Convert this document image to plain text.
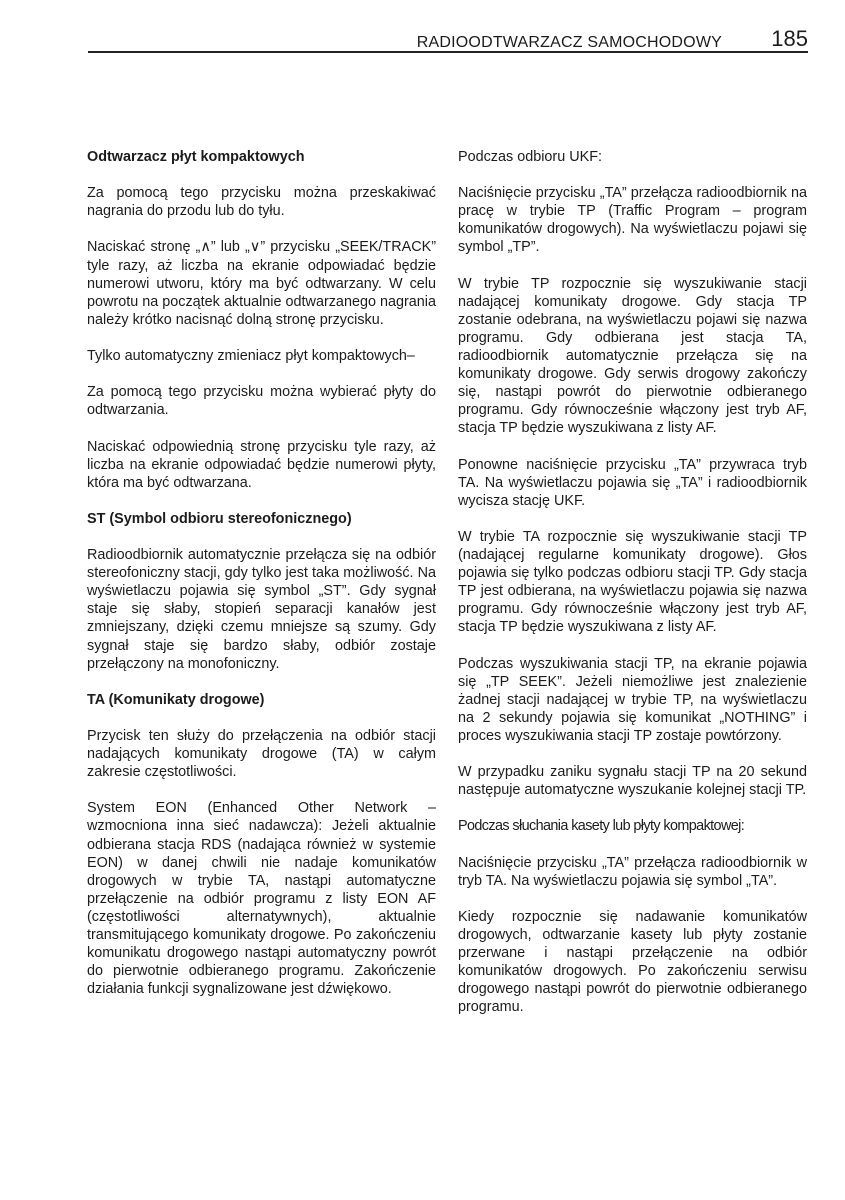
RADIOODTWARZACZ SAMOCHODOWY 185
Odtwarzacz płyt kompaktowych

Za pomocą tego przycisku można przeskakiwać nagrania do przodu lub do tyłu.

Naciskać stronę „∧” lub „∨” przycisku „SEEK/TRACK” tyle razy, aż liczba na ekranie odpowiadać będzie numerowi utworu, który ma być odtwarzany. W celu powrotu na początek aktualnie odtwarzanego nagrania należy krótko nacisnąć dolną stronę przycisku.

Tylko automatyczny zmieniacz płyt kompaktowych–

Za pomocą tego przycisku można wybierać płyty do odtwarzania.

Naciskać odpowiednią stronę przycisku tyle razy, aż liczba na ekranie odpowiadać będzie numerowi płyty, która ma być odtwarzana.

ST (Symbol odbioru stereofonicznego)

Radioodbiornik automatycznie przełącza się na odbiór stereofoniczny stacji, gdy tylko jest taka możliwość. Na wyświetlaczu pojawia się symbol „ST”. Gdy sygnał staje się słaby, stopień separacji kanałów jest zmniejszany, dzięki czemu mniejsze są szumy. Gdy sygnał staje się bardzo słaby, odbiór zostaje przełączony na monofoniczny.

TA (Komunikaty drogowe)

Przycisk ten służy do przełączenia na odbiór stacji nadających komunikaty drogowe (TA) w całym zakresie częstotliwości.

System EON (Enhanced Other Network – wzmocniona inna sieć nadawcza): Jeżeli aktualnie odbierana stacja RDS (nadająca również w systemie EON) w danej chwili nie nadaje komunikatów drogowych w trybie TA, nastąpi automatyczne przełączenie na odbiór programu z listy EON AF (częstotliwości alternatywnych), aktualnie transmitującego komunikaty drogowe. Po zakończeniu komunikatu drogowego nastąpi automatyczny powrót do pierwotnie odbieranego programu. Zakończenie działania funkcji sygnalizowane jest dźwiękowo.

Podczas odbioru UKF:

Naciśnięcie przycisku „TA” przełącza radioodbiornik na pracę w trybie TP (Traffic Program – program komunikatów drogowych). Na wyświetlaczu pojawi się symbol „TP”.

W trybie TP rozpocznie się wyszukiwanie stacji nadającej komunikaty drogowe. Gdy stacja TP zostanie odebrana, na wyświetlaczu pojawi się nazwa programu. Gdy odbierana jest stacja TA, radioodbiornik automatycznie przełącza się na komunikaty drogowe. Gdy serwis drogowy zakończy się, nastąpi powrót do pierwotnie odbieranego programu. Gdy równocześnie włączony jest tryb AF, stacja TP będzie wyszukiwana z listy AF.

Ponowne naciśnięcie przycisku „TA” przywraca tryb TA. Na wyświetlaczu pojawia się „TA” i radioodbiornik wycisza stację UKF.

W trybie TA rozpocznie się wyszukiwanie stacji TP (nadającej regularne komunikaty drogowe). Głos pojawia się tylko podczas odbioru stacji TP. Gdy stacja TP jest odbierana, na wyświetlaczu pojawia się nazwa programu. Gdy równocześnie włączony jest tryb AF, stacja TP będzie wyszukiwana z listy AF.

Podczas wyszukiwania stacji TP, na ekranie pojawia się „TP SEEK”. Jeżeli niemożliwe jest znalezienie żadnej stacji nadającej w trybie TP, na wyświetlaczu na 2 sekundy pojawia się komunikat „NOTHING” i proces wyszukiwania stacji TP zostaje powtórzony.

W przypadku zaniku sygnału stacji TP na 20 sekund następuje automatyczne wyszukanie kolejnej stacji TP.

Podczas słuchania kasety lub płyty kompaktowej:

Naciśnięcie przycisku „TA” przełącza radioodbiornik w tryb TA. Na wyświetlaczu pojawia się symbol „TA”.

Kiedy rozpocznie się nadawanie komunikatów drogowych, odtwarzanie kasety lub płyty zostanie przerwane i nastąpi przełączenie na odbiór komunikatów drogowych. Po zakończeniu serwisu drogowego nastąpi powrót do pierwotnie odbieranego programu.
